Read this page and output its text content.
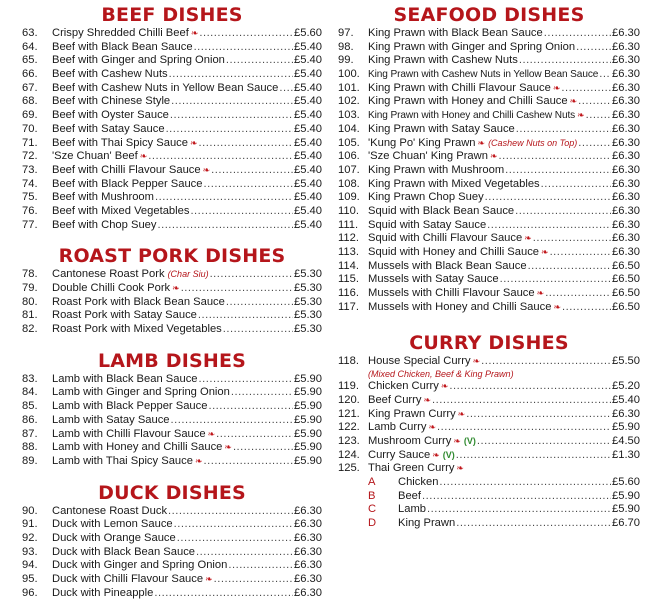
BEEF DISHES
63.	Crispy Shredded Chilli Beef ❧ .....	£5.60
64.	Beef with Black Bean Sauce .....	£5.40
65.	Beef with Ginger and Spring Onion .....	£5.40
66.	Beef with Cashew Nuts .....	£5.40
67.	Beef with Cashew Nuts in Yellow Bean Sauce ..... £5.40
68.	Beef with Chinese Style .....	£5.40
69.	Beef with Oyster Sauce .....	£5.40
70.	Beef with Satay Sauce .....	£5.40
71.	Beef with Thai Spicy Sauce ❧ .....	£5.40
72.	'Sze Chuan' Beef ❧ .....	£5.40
73.	Beef with Chilli Flavour Sauce ❧ .....	£5.40
74.	Beef with Black Pepper Sauce .....	£5.40
75.	Beef with Mushroom .....	£5.40
76.	Beef with Mixed Vegetables .....	£5.40
77.	Beef with Chop Suey .....	£5.40
ROAST PORK DISHES
78.	Cantonese Roast Pork (Char Siu) .....	£5.30
79.	Double Chilli Cook Pork ❧ .....	£5.30
80.	Roast Pork with Black Bean Sauce .....	£5.30
81.	Roast Pork with Satay Sauce .....	£5.30
82.	Roast Pork with Mixed Vegetables .....	£5.30
LAMB DISHES
83.	Lamb with Black Bean Sauce .....	£5.90
84.	Lamb with Ginger and Spring Onion .....	£5.90
85.	Lamb with Black Pepper Sauce .....	£5.90
86.	Lamb with Satay Sauce .....	£5.90
87.	Lamb with Chilli Flavour Sauce ❧ .....	£5.90
88.	Lamb with Honey and Chilli Sauce ❧ .....	£5.90
89.	Lamb with Thai Spicy Sauce ❧ .....	£5.90
DUCK DISHES
90.	Cantonese Roast Duck .....	£6.30
91.	Duck with Lemon Sauce .....	£6.30
92.	Duck with Orange Sauce .....	£6.30
93.	Duck with Black Bean Sauce .....	£6.30
94.	Duck with Ginger and Spring Onion .....	£6.30
95.	Duck with Chilli Flavour Sauce ❧ .....	£6.30
96.	Duck with Pineapple .....	£6.30
SEAFOOD DISHES
97.	King Prawn with Black Bean Sauce .....	£6.30
98.	King Prawn with Ginger and Spring Onion .....	£6.30
99.	King Prawn with Cashew Nuts .....	£6.30
100. King Prawn with Cashew Nuts in Yellow Bean Sauce ..... £6.30
101. King Prawn with Chilli Flavour Sauce ❧ .....	£6.30
102. King Prawn with Honey and Chilli Sauce ❧ .....	£6.30
103. King Prawn with Honey and Chilli Cashew Nuts ❧ ..... £6.30
104. King Prawn with Satay Sauce .....	£6.30
105. 'Kung Po' King Prawn ❧ (Cashew Nuts on Top) .....	£6.30
106. 'Sze Chuan' King Prawn ❧ .....	£6.30
107. King Prawn with Mushroom .....	£6.30
108. King Prawn with Mixed Vegetables .....	£6.30
109. King Prawn Chop Suey .....	£6.30
110. Squid with Black Bean Sauce .....	£6.30
111. Squid with Satay Sauce .....	£6.30
112. Squid with Chilli Flavour Sauce ❧ .....	£6.30
113. Squid with Honey and Chilli Sauce ❧ .....	£6.30
114. Mussels with Black Bean Sauce .....	£6.50
115. Mussels with Satay Sauce .....	£6.50
116. Mussels with Chilli Flavour Sauce ❧ .....	£6.50
117. Mussels with Honey and Chilli Sauce ❧ .....	£6.50
CURRY DISHES
118. House Special Curry ❧ .....	£5.50
(Mixed Chicken, Beef & King Prawn)
119. Chicken Curry ❧ .....	£5.20
120. Beef Curry ❧ .....	£5.40
121. King Prawn Curry ❧ .....	£6.30
122. Lamb Curry ❧ .....	£5.90
123. Mushroom Curry ❧ (V) .....	£4.50
124. Curry Sauce ❧ (V) .....	£1.30
125. Thai Green Curry ❧
A	Chicken .....	£5.60
B	Beef .....	£5.90
C	Lamb .....	£5.90
D	King Prawn .....	£6.70
